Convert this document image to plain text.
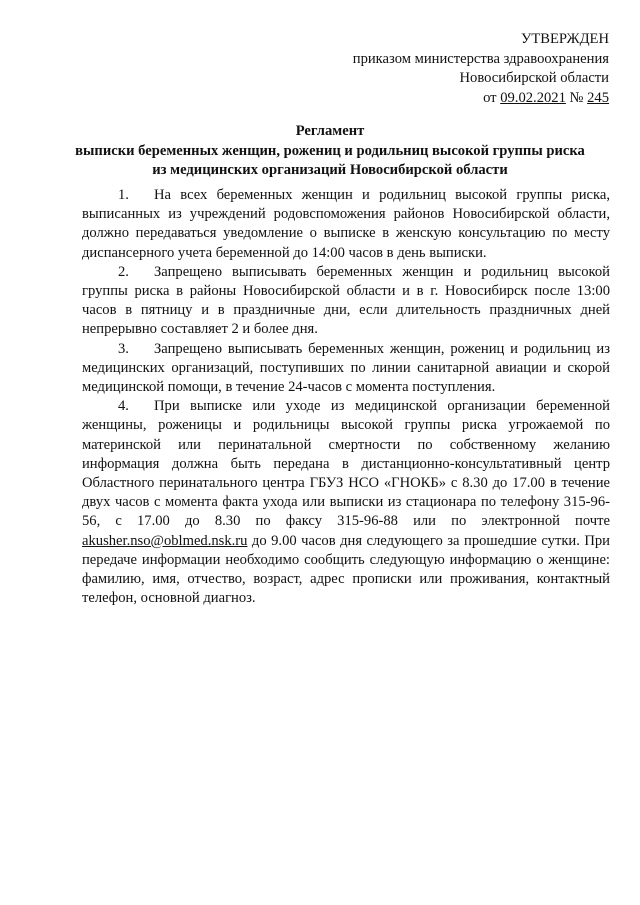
УТВЕРЖДЕН
приказом министерства здравоохранения
Новосибирской области
от 09.02.2021 № 245
Регламент
выписки беременных женщин, рожениц и родильниц высокой группы риска
из медицинских организаций Новосибирской области

1. На всех беременных женщин и родильниц высокой группы риска, выписанных из учреждений родовспоможения районов Новосибирской области, должно передаваться уведомление о выписке в женскую консультацию по месту диспансерного учета беременной до 14:00 часов в день выписки.

2. Запрещено выписывать беременных женщин и родильниц высокой группы риска в районы Новосибирской области и в г. Новосибирск после 13:00 часов в пятницу и в праздничные дни, если длительность праздничных дней непрерывно составляет 2 и более дня.

3. Запрещено выписывать беременных женщин, рожениц и родильниц из медицинских организаций, поступивших по линии санитарной авиации и скорой медицинской помощи, в течение 24-часов с момента поступления.

4. При выписке или уходе из медицинской организации беременной женщины, роженицы и родильницы высокой группы риска угрожаемой по материнской или перинатальной смертности по собственному желанию информация должна быть передана в дистанционно-консультативный центр Областного перинатального центра ГБУЗ НСО «ГНОКБ» с 8.30 до 17.00 в течение двух часов с момента факта ухода или выписки из стационара по телефону 315-96-56, с 17.00 до 8.30 по факсу 315-96-88 или по электронной почте akusher.nso@oblmed.nsk.ru до 9.00 часов дня следующего за прошедшие сутки. При передаче информации необходимо сообщить следующую информацию о женщине: фамилию, имя, отчество, возраст, адрес прописки или проживания, контактный телефон, основной диагноз.
